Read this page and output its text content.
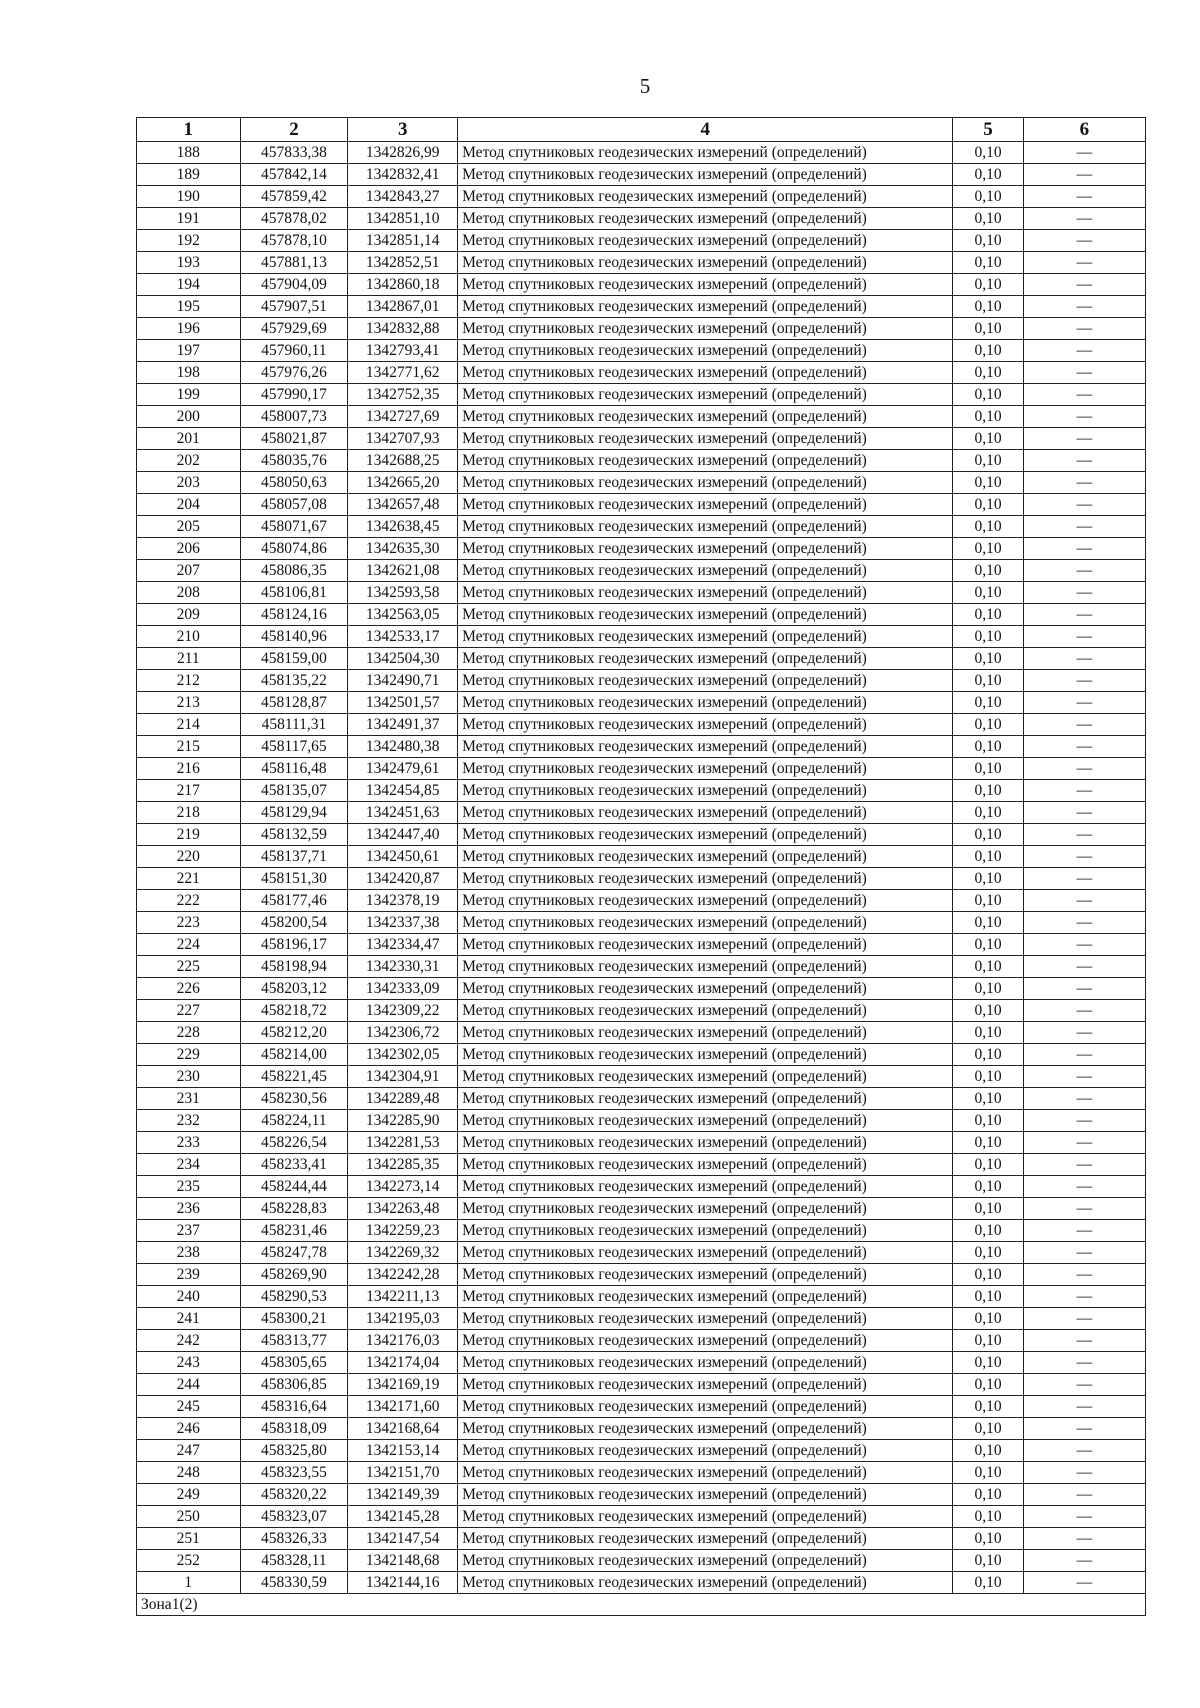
5
1	2	3	4	5	6
188	457833,38	1342826,99	Метод спутниковых геодезических измерений (определений)	0,10	—
189	457842,14	1342832,41	Метод спутниковых геодезических измерений (определений)	0,10	—
190	457859,42	1342843,27	Метод спутниковых геодезических измерений (определений)	0,10	—
191	457878,02	1342851,10	Метод спутниковых геодезических измерений (определений)	0,10	—
192	457878,10	1342851,14	Метод спутниковых геодезических измерений (определений)	0,10	—
193	457881,13	1342852,51	Метод спутниковых геодезических измерений (определений)	0,10	—
194	457904,09	1342860,18	Метод спутниковых геодезических измерений (определений)	0,10	—
195	457907,51	1342867,01	Метод спутниковых геодезических измерений (определений)	0,10	—
196	457929,69	1342832,88	Метод спутниковых геодезических измерений (определений)	0,10	—
197	457960,11	1342793,41	Метод спутниковых геодезических измерений (определений)	0,10	—
198	457976,26	1342771,62	Метод спутниковых геодезических измерений (определений)	0,10	—
199	457990,17	1342752,35	Метод спутниковых геодезических измерений (определений)	0,10	—
200	458007,73	1342727,69	Метод спутниковых геодезических измерений (определений)	0,10	—
201	458021,87	1342707,93	Метод спутниковых геодезических измерений (определений)	0,10	—
202	458035,76	1342688,25	Метод спутниковых геодезических измерений (определений)	0,10	—
203	458050,63	1342665,20	Метод спутниковых геодезических измерений (определений)	0,10	—
204	458057,08	1342657,48	Метод спутниковых геодезических измерений (определений)	0,10	—
205	458071,67	1342638,45	Метод спутниковых геодезических измерений (определений)	0,10	—
206	458074,86	1342635,30	Метод спутниковых геодезических измерений (определений)	0,10	—
207	458086,35	1342621,08	Метод спутниковых геодезических измерений (определений)	0,10	—
208	458106,81	1342593,58	Метод спутниковых геодезических измерений (определений)	0,10	—
209	458124,16	1342563,05	Метод спутниковых геодезических измерений (определений)	0,10	—
210	458140,96	1342533,17	Метод спутниковых геодезических измерений (определений)	0,10	—
211	458159,00	1342504,30	Метод спутниковых геодезических измерений (определений)	0,10	—
212	458135,22	1342490,71	Метод спутниковых геодезических измерений (определений)	0,10	—
213	458128,87	1342501,57	Метод спутниковых геодезических измерений (определений)	0,10	—
214	458111,31	1342491,37	Метод спутниковых геодезических измерений (определений)	0,10	—
215	458117,65	1342480,38	Метод спутниковых геодезических измерений (определений)	0,10	—
216	458116,48	1342479,61	Метод спутниковых геодезических измерений (определений)	0,10	—
217	458135,07	1342454,85	Метод спутниковых геодезических измерений (определений)	0,10	—
218	458129,94	1342451,63	Метод спутниковых геодезических измерений (определений)	0,10	—
219	458132,59	1342447,40	Метод спутниковых геодезических измерений (определений)	0,10	—
220	458137,71	1342450,61	Метод спутниковых геодезических измерений (определений)	0,10	—
221	458151,30	1342420,87	Метод спутниковых геодезических измерений (определений)	0,10	—
222	458177,46	1342378,19	Метод спутниковых геодезических измерений (определений)	0,10	—
223	458200,54	1342337,38	Метод спутниковых геодезических измерений (определений)	0,10	—
224	458196,17	1342334,47	Метод спутниковых геодезических измерений (определений)	0,10	—
225	458198,94	1342330,31	Метод спутниковых геодезических измерений (определений)	0,10	—
226	458203,12	1342333,09	Метод спутниковых геодезических измерений (определений)	0,10	—
227	458218,72	1342309,22	Метод спутниковых геодезических измерений (определений)	0,10	—
228	458212,20	1342306,72	Метод спутниковых геодезических измерений (определений)	0,10	—
229	458214,00	1342302,05	Метод спутниковых геодезических измерений (определений)	0,10	—
230	458221,45	1342304,91	Метод спутниковых геодезических измерений (определений)	0,10	—
231	458230,56	1342289,48	Метод спутниковых геодезических измерений (определений)	0,10	—
232	458224,11	1342285,90	Метод спутниковых геодезических измерений (определений)	0,10	—
233	458226,54	1342281,53	Метод спутниковых геодезических измерений (определений)	0,10	—
234	458233,41	1342285,35	Метод спутниковых геодезических измерений (определений)	0,10	—
235	458244,44	1342273,14	Метод спутниковых геодезических измерений (определений)	0,10	—
236	458228,83	1342263,48	Метод спутниковых геодезических измерений (определений)	0,10	—
237	458231,46	1342259,23	Метод спутниковых геодезических измерений (определений)	0,10	—
238	458247,78	1342269,32	Метод спутниковых геодезических измерений (определений)	0,10	—
239	458269,90	1342242,28	Метод спутниковых геодезических измерений (определений)	0,10	—
240	458290,53	1342211,13	Метод спутниковых геодезических измерений (определений)	0,10	—
241	458300,21	1342195,03	Метод спутниковых геодезических измерений (определений)	0,10	—
242	458313,77	1342176,03	Метод спутниковых геодезических измерений (определений)	0,10	—
243	458305,65	1342174,04	Метод спутниковых геодезических измерений (определений)	0,10	—
244	458306,85	1342169,19	Метод спутниковых геодезических измерений (определений)	0,10	—
245	458316,64	1342171,60	Метод спутниковых геодезических измерений (определений)	0,10	—
246	458318,09	1342168,64	Метод спутниковых геодезических измерений (определений)	0,10	—
247	458325,80	1342153,14	Метод спутниковых геодезических измерений (определений)	0,10	—
248	458323,55	1342151,70	Метод спутниковых геодезических измерений (определений)	0,10	—
249	458320,22	1342149,39	Метод спутниковых геодезических измерений (определений)	0,10	—
250	458323,07	1342145,28	Метод спутниковых геодезических измерений (определений)	0,10	—
251	458326,33	1342147,54	Метод спутниковых геодезических измерений (определений)	0,10	—
252	458328,11	1342148,68	Метод спутниковых геодезических измерений (определений)	0,10	—
1	458330,59	1342144,16	Метод спутниковых геодезических измерений (определений)	0,10	—
Зона1(2)					
